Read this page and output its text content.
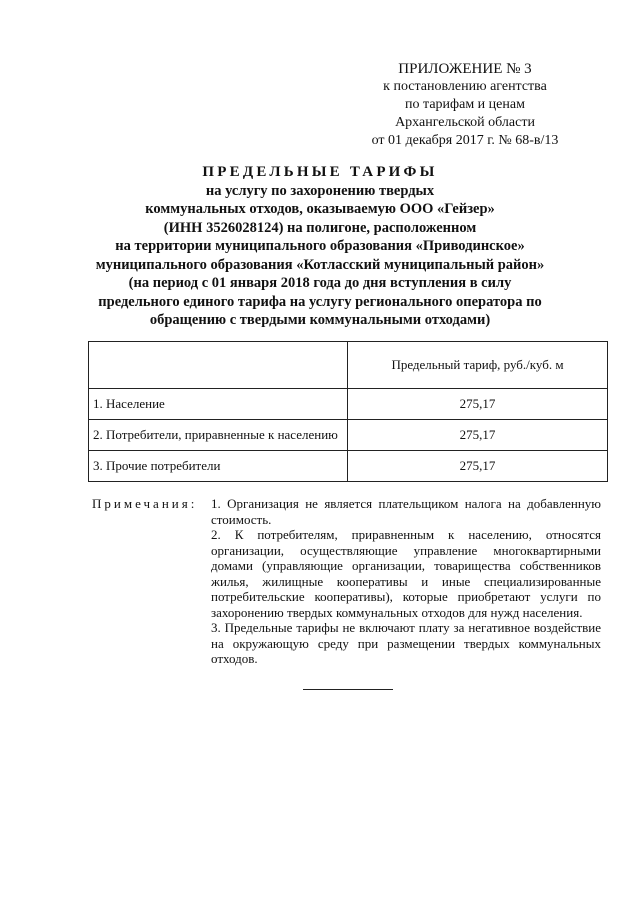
ПРИЛОЖЕНИЕ № 3
к постановлению агентства
по тарифам и ценам
Архангельской области
от 01 декабря 2017 г. № 68-в/13
ПРЕДЕЛЬНЫЕ ТАРИФЫ
на услугу по захоронению твердых
коммунальных отходов, оказываемую ООО «Гейзер»
(ИНН 3526028124) на полигоне, расположенном
на территории муниципального образования «Приводинское»
муниципального образования «Котласский муниципальный район»
(на период с 01 января 2018 года до дня вступления в силу
предельного единого тарифа на услугу регионального оператора по
обращению с твердыми коммунальными отходами)
	Предельный тариф, руб./куб. м
1. Население	275,17
2. Потребители, приравненные к населению	275,17
3. Прочие потребители	275,17
Примечания: 1. Организация не является плательщиком налога на добавленную стоимость.
2. К потребителям, приравненным к населению, относятся организации, осуществляющие управление многоквартирными домами (управляющие организации, товарищества собственников жилья, жилищные кооперативы и иные специализированные потребительские кооперативы), которые приобретают услуги по захоронению твердых коммунальных отходов для нужд населения.
3. Предельные тарифы не включают плату за негативное воздействие на окружающую среду при размещении твердых коммунальных отходов.
